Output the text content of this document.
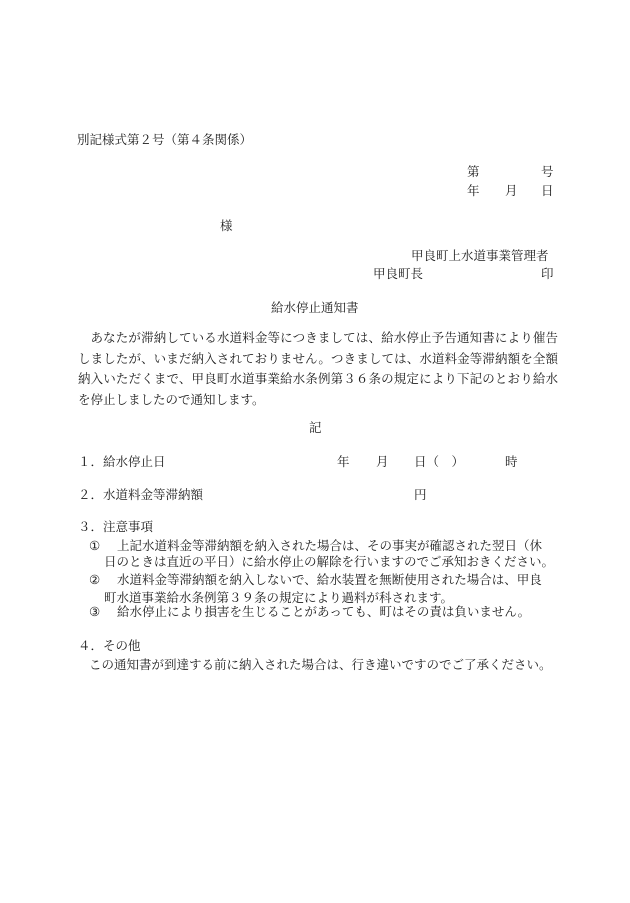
別記様式第２号（第４条関係）
第	号
年 月 日
様
甲良町上水道事業管理者
甲良町長	印
給水停止通知書
あなたが滞納している水道料金等につきましては、給水停止予告通知書により催告しましたが、いまだ納入されておりません。つきましては、水道料金等滞納額を全額納入いただくまで、甲良町水道事業給水条例第３６条の規定により下記のとおり給水を停止しましたので通知します。
記
１．給水停止日	年 月 日（　）	時
２．水道料金等滞納額	円
３．注意事項
① 上記水道料金等滞納額を納入された場合は、その事実が確認された翌日（休
日のときは直近の平日）に給水停止の解除を行いますのでご承知おきください。
② 水道料金等滞納額を納入しないで、給水装置を無断使用された場合は、甲良
町水道事業給水条例第３９条の規定により過料が科されます。
③ 給水停止により損害を生じることがあっても、町はその責は負いません。
４．その他
この通知書が到達する前に納入された場合は、行き違いですのでご了承ください。
